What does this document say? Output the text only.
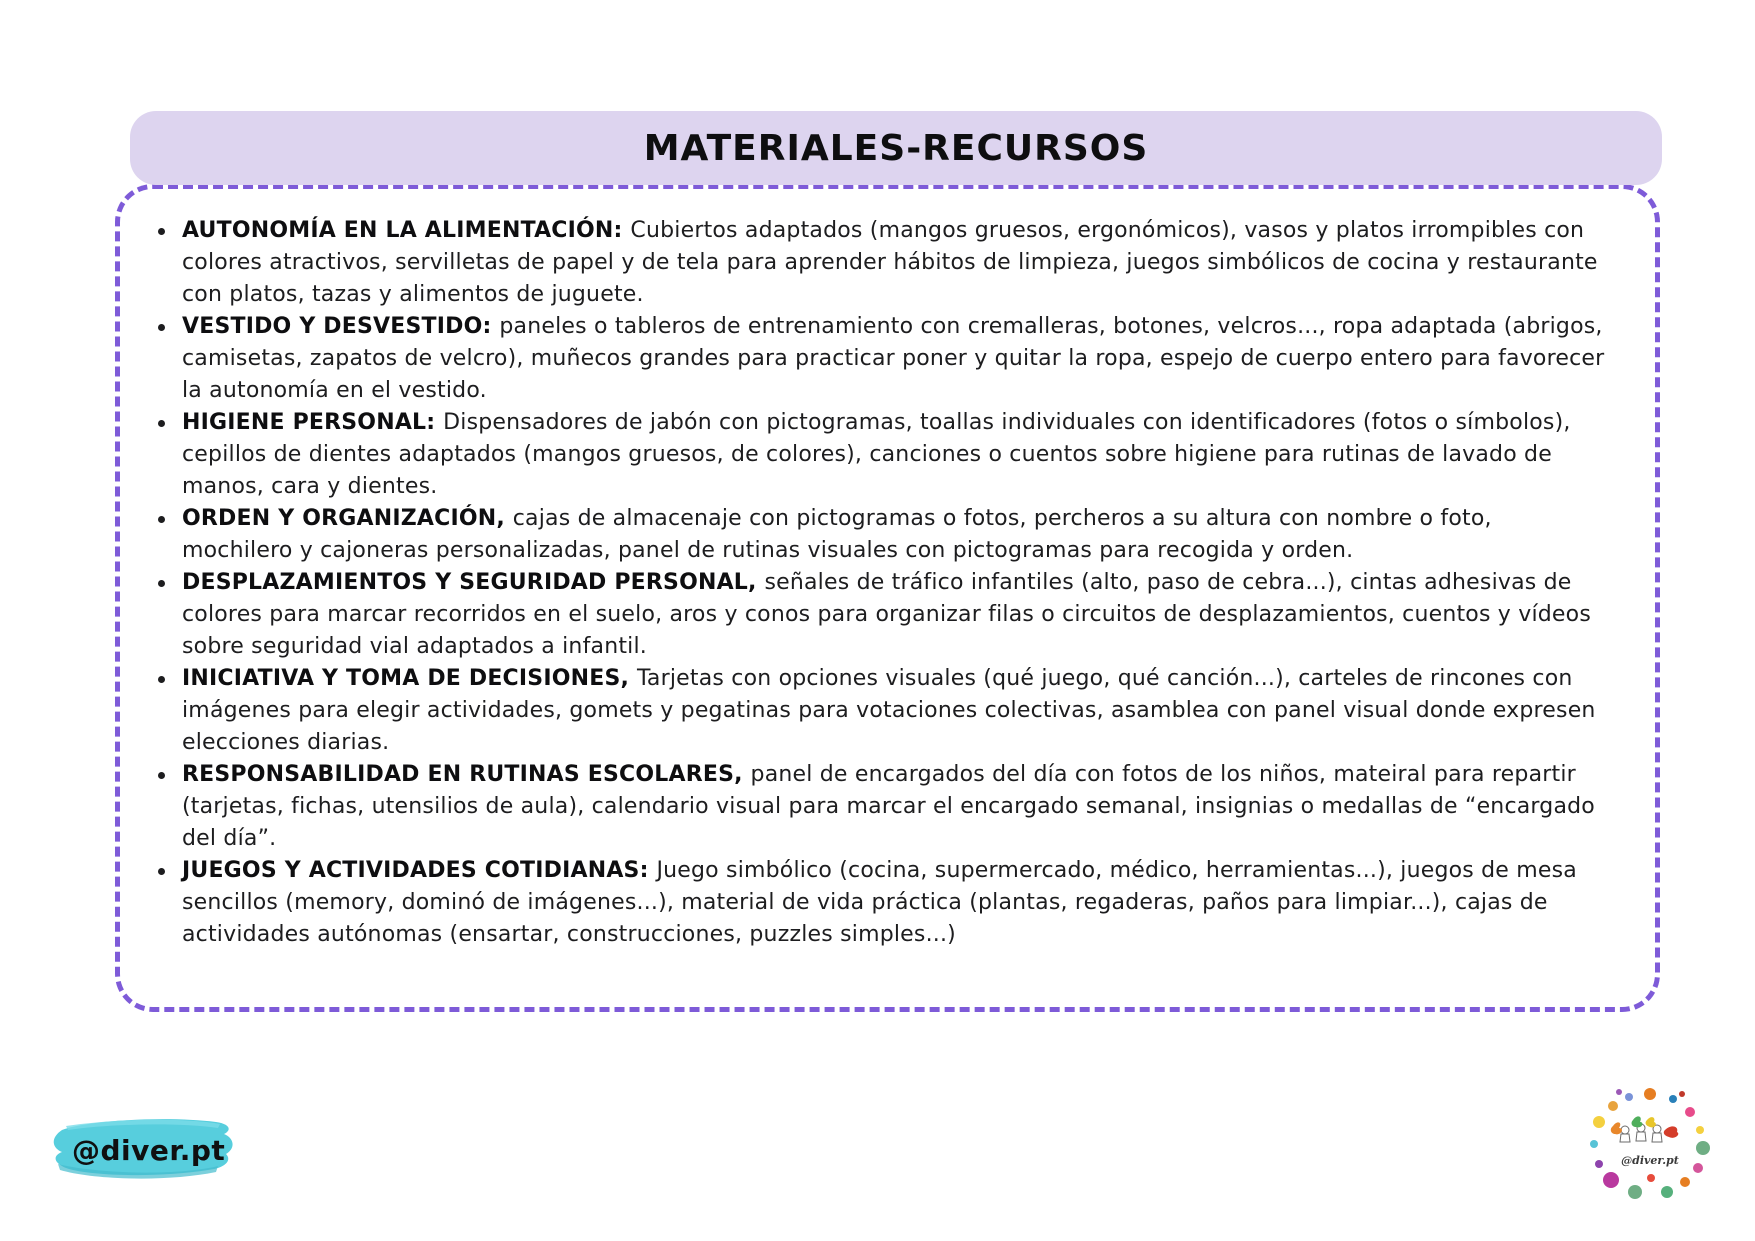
MATERIALES-RECURSOS

AUTONOMÍA EN LA ALIMENTACIÓN: Cubiertos adaptados (mangos gruesos, ergonómicos), vasos y platos irrompibles con colores atractivos, servilletas de papel y de tela para aprender hábitos de limpieza, juegos simbólicos de cocina y restaurante con platos, tazas y alimentos de juguete.

VESTIDO Y DESVESTIDO: paneles o tableros de entrenamiento con cremalleras, botones, velcros..., ropa adaptada (abrigos, camisetas, zapatos de velcro), muñecos grandes para practicar poner y quitar la ropa, espejo de cuerpo entero para favorecer la autonomía en el vestido.

HIGIENE PERSONAL: Dispensadores de jabón con pictogramas, toallas individuales con identificadores (fotos o símbolos), cepillos de dientes adaptados (mangos gruesos, de colores), canciones o cuentos sobre higiene para rutinas de lavado de manos, cara y dientes.

ORDEN Y ORGANIZACIÓN, cajas de almacenaje con pictogramas o fotos, percheros a su altura con nombre o foto, mochilero y cajoneras personalizadas, panel de rutinas visuales con pictogramas para recogida y orden.

DESPLAZAMIENTOS Y SEGURIDAD PERSONAL, señales de tráfico infantiles (alto, paso de cebra...), cintas adhesivas de colores para marcar recorridos en el suelo, aros y conos para organizar filas o circuitos de desplazamientos, cuentos y vídeos sobre seguridad vial adaptados a infantil.

INICIATIVA Y TOMA DE DECISIONES, Tarjetas con opciones visuales (qué juego, qué canción...), carteles de rincones con imágenes para elegir actividades, gomets y pegatinas para votaciones colectivas, asamblea con panel visual donde expresen elecciones diarias.

RESPONSABILIDAD EN RUTINAS ESCOLARES, panel de encargados del día con fotos de los niños, mateiral para repartir (tarjetas, fichas, utensilios de aula), calendario visual para marcar el encargado semanal, insignias o medallas de “encargado del día”.

JUEGOS Y ACTIVIDADES COTIDIANAS: Juego simbólico (cocina, supermercado, médico, herramientas...), juegos de mesa sencillos (memory, dominó de imágenes...), material de vida práctica (plantas, regaderas, paños para limpiar...), cajas de actividades autónomas (ensartar, construcciones, puzzles simples...)

@diver.pt	@diver.pt
